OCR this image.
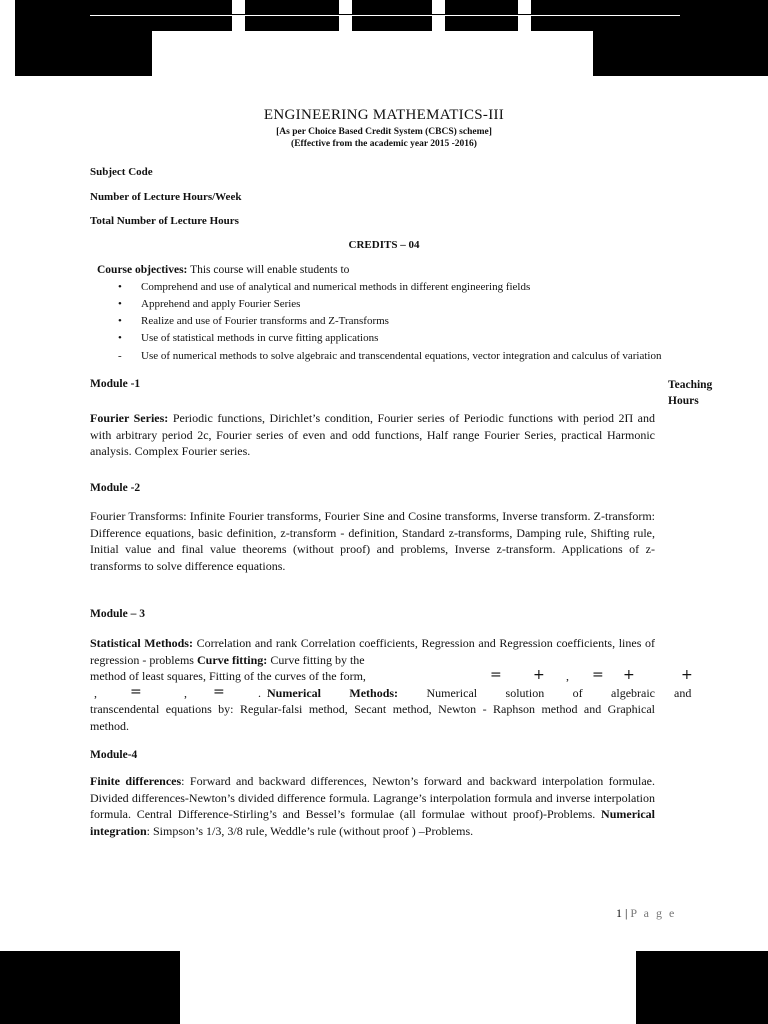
ENGINEERING MATHEMATICS-III
[As per Choice Based Credit System (CBCS) scheme]
(Effective from the academic year 2015 -2016)
Subject Code
Number of Lecture Hours/Week
Total Number of Lecture Hours
CREDITS – 04
Course objectives: This course will enable students to
• Comprehend and use of analytical and numerical methods in different engineering fields
• Apprehend and apply Fourier Series
• Realize and use of Fourier transforms and Z-Transforms
• Use of statistical methods in curve fitting applications
- Use of numerical methods to solve algebraic and transcendental equations, vector integration and calculus of variation
Teaching
Hours
Module -1
Fourier Series: Periodic functions, Dirichlet’s condition, Fourier series of Periodic functions with period 2Π and with arbitrary period 2c, Fourier series of even and odd functions, Half range Fourier Series, practical Harmonic analysis. Complex Fourier series.
Module -2
Fourier Transforms: Infinite Fourier transforms, Fourier Sine and Cosine transforms, Inverse transform. Z-transform: Difference equations, basic definition, z-transform - definition, Standard z-transforms, Damping rule, Shifting rule, Initial value and final value theorems (without proof) and problems, Inverse z-transform. Applications of z-transforms to solve difference equations.
Module – 3
Statistical Methods: Correlation and rank Correlation coefficients, Regression and Regression coefficients, lines of regression - problems Curve fitting: Curve fitting by the
method of least squares, Fitting of the curves of the form,	= + , = +	+
, =	, =	. Numerical Methods: Numerical solution of algebraic and
transcendental equations by: Regular-falsi method, Secant method, Newton - Raphson method and Graphical method.
Module-4
Finite differences: Forward and backward differences, Newton’s forward and backward interpolation formulae. Divided differences-Newton’s divided difference formula. Lagrange’s interpolation formula and inverse interpolation formula. Central Difference-Stirling’s and Bessel’s formulae (all formulae without proof)-Problems. Numerical integration: Simpson’s 1/3, 3/8 rule, Weddle’s rule (without proof ) –Problems.
1 | P a g e
